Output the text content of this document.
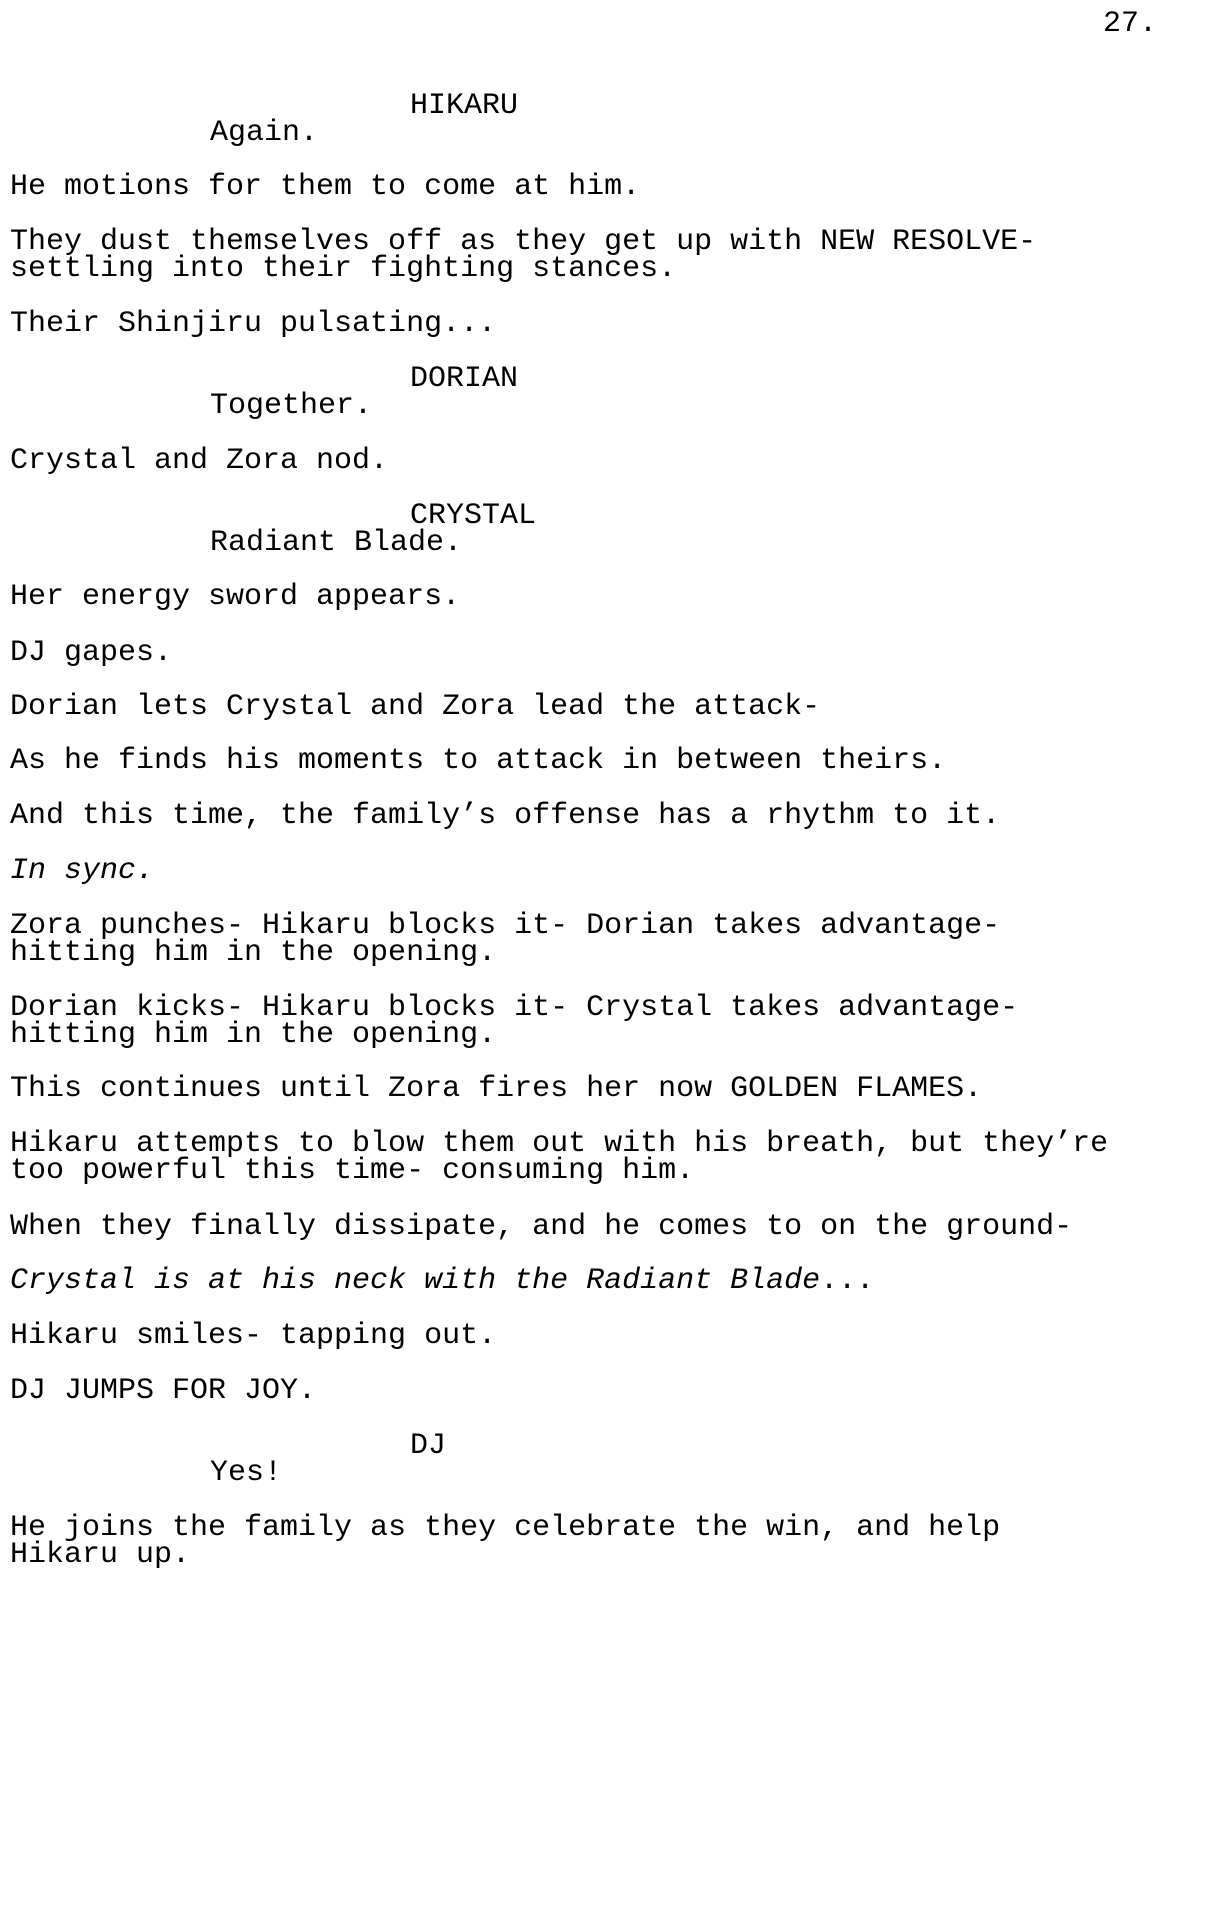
27.
HIKARU
Again.
He motions for them to come at him.
They dust themselves off as they get up with NEW RESOLVE-
settling into their fighting stances.
Their Shinjiru pulsating...
DORIAN
Together.
Crystal and Zora nod.
CRYSTAL
Radiant Blade.
Her energy sword appears.
DJ gapes.
Dorian lets Crystal and Zora lead the attack-
As he finds his moments to attack in between theirs.
And this time, the family’s offense has a rhythm to it.
In sync.
Zora punches- Hikaru blocks it- Dorian takes advantage-
hitting him in the opening.
Dorian kicks- Hikaru blocks it- Crystal takes advantage-
hitting him in the opening.
This continues until Zora fires her now GOLDEN FLAMES.
Hikaru attempts to blow them out with his breath, but they’re
too powerful this time- consuming him.
When they finally dissipate, and he comes to on the ground-
Crystal is at his neck with the Radiant Blade...
Hikaru smiles- tapping out.
DJ JUMPS FOR JOY.
DJ
Yes!
He joins the family as they celebrate the win, and help
Hikaru up.
